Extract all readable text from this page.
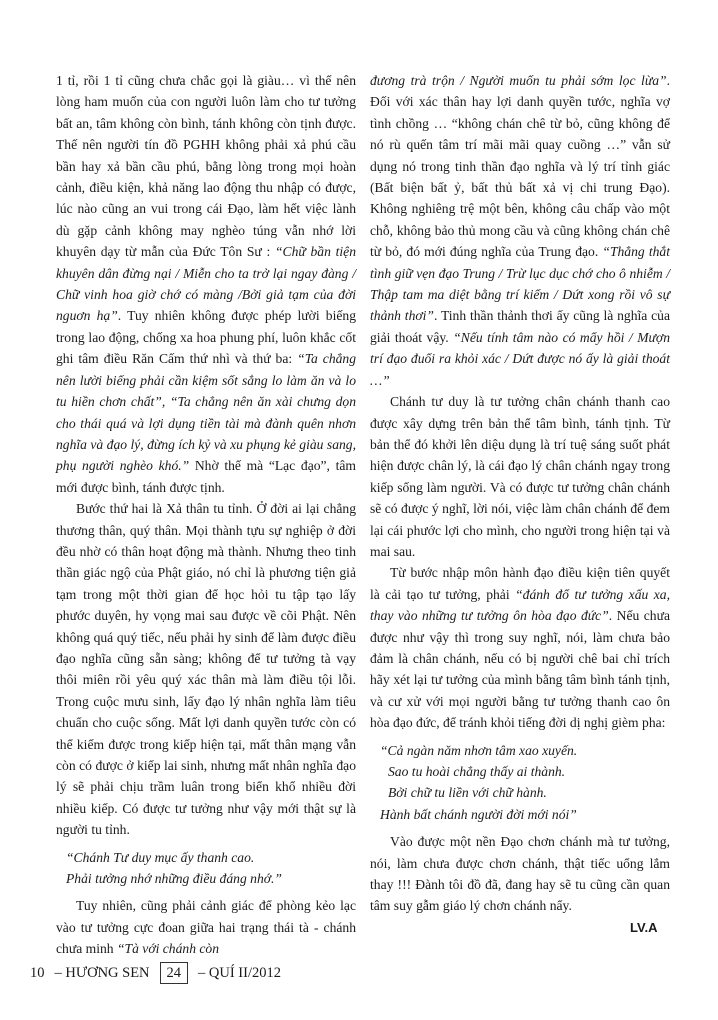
1 tỉ, rồi 1 tỉ cũng chưa chắc gọi là giàu… vì thế nên lòng ham muốn của con người luôn làm cho tư tưởng bất an, tâm không còn bình, tánh không còn tịnh được. Thế nên người tín đồ PGHH không phải xả phú cầu bần hay xả bần cầu phú, bằng lòng trong mọi hoàn cảnh, điều kiện, khả năng lao động thu nhập có được, lúc nào cũng an vui trong cái Đạo, làm hết việc lành dù gặp cảnh không may nghèo túng vẫn nhớ lời khuyên dạy từ mẫn của Đức Tôn Sư : “Chữ bần tiện khuyên dân đừng nại / Miễn cho ta trở lại ngay đàng / Chữ vinh hoa giờ chớ có màng /Bởi giả tạm của đời nguơn hạ”. Tuy nhiên không được phép lười biếng trong lao động, chống xa hoa phung phí, luôn khắc cốt ghi tâm điều Răn Cấm thứ nhì và thứ ba: “Ta chẳng nên lười biếng phải cần kiệm sốt sắng lo làm ăn và lo tu hiền chơn chất”, “Ta chẳng nên ăn xài chưng dọn cho thái quá và lợi dụng tiền tài mà đành quên nhơn nghĩa và đạo lý, đừng ích kỷ và xu phụng kẻ giàu sang, phụ người nghèo khó.” Nhờ thế mà “Lạc đạo”, tâm mới được bình, tánh được tịnh.

Bước thứ hai là Xả thân tu tỉnh. Ở đời ai lại chẳng thương thân, quý thân. Mọi thành tựu sự nghiệp ở đời đều nhờ có thân hoạt động mà thành. Nhưng theo tinh thần giác ngộ của Phật giáo, nó chỉ là phương tiện giả tạm trong một thời gian để học hỏi tu tập tạo lấy phước duyên, hy vọng mai sau được về cõi Phật. Nên không quá quý tiếc, nếu phải hy sinh để làm được điều đạo nghĩa cũng sẵn sàng; không để tư tưởng tà vạy thôi miên rồi yêu quý xác thân mà làm điều tội lỗi. Trong cuộc mưu sinh, lấy đạo lý nhân nghĩa làm tiêu chuẩn cho cuộc sống. Mất lợi danh quyền tước còn có thể kiếm được trong kiếp hiện tại, mất thân mạng vẫn còn có được ở kiếp lai sinh, nhưng mất nhân nghĩa đạo lý sẽ phải chịu trầm luân trong biển khổ nhiều đời nhiều kiếp. Có được tư tưởng như vậy mới thật sự là người tu tỉnh.

“Chánh Tư duy mục ấy thanh cao.
Phải tưởng nhớ những điều đáng nhớ.”

Tuy nhiên, cũng phải cảnh giác để phòng kẻo lạc vào tư tưởng cực đoan giữa hai trạng thái tà - chánh chưa minh “Tà với chánh còn

đương trà trộn / Người muốn tu phải sớm lọc lừa”. Đối với xác thân hay lợi danh quyền tước, nghĩa vợ tình chồng … “không chán chê từ bỏ, cũng không để nó rù quến tâm trí mãi mãi quay cuồng …” vẫn sử dụng nó trong tinh thần đạo nghĩa và lý trí tỉnh giác (Bất biện bất ỷ, bất thủ bất xả vị chi trung Đạo). Không nghiêng trệ một bên, không câu chấp vào một chỗ, không bảo thủ mong cầu và cũng không chán chê từ bỏ, đó mới đúng nghĩa của Trung đạo. “Thẳng thắt tình giữ vẹn đạo Trung / Trừ lục dục chớ cho ô nhiễm / Thập tam ma diệt bằng trí kiếm / Dứt xong rồi vô sự thảnh thơi”. Tinh thần thảnh thơi ấy cũng là nghĩa của giải thoát vậy. “Nếu tính tâm nào có mẩy hồi / Mượn trí đạo đuổi ra khỏi xác / Dứt được nó ấy là giải thoát …”

Chánh tư duy là tư tưởng chân chánh thanh cao được xây dựng trên bản thể tâm bình, tánh tịnh. Từ bản thể đó khởi lên diệu dụng là trí tuệ sáng suốt phát hiện được chân lý, là cái đạo lý chân chánh ngay trong kiếp sống làm người. Và có được tư tưởng chân chánh sẽ có được ý nghĩ, lời nói, việc làm chân chánh để đem lại cái phước lợi cho mình, cho người trong hiện tại và mai sau.

Từ bước nhập môn hành đạo điều kiện tiên quyết là cải tạo tư tưởng, phải “đánh đổ tư tưởng xấu xa, thay vào những tư tưởng ôn hòa đạo đức”. Nếu chưa được như vậy thì trong suy nghĩ, nói, làm chưa bảo đảm là chân chánh, nếu có bị người chê bai chỉ trích hãy xét lại tư tưởng của mình bằng tâm bình tánh tịnh, và cư xử với mọi người bằng tư tưởng thanh cao ôn hòa đạo đức, để tránh khỏi tiếng đời dị nghị gièm pha:

“Cả ngàn năm nhơn tâm xao xuyến.
Sao tu hoài chẳng thấy ai thành.
Bởi chữ tu liền với chữ hành.
Hành bất chánh người đời mới nói”

Vào được một nền Đạo chơn chánh mà tư tưởng, nói, làm chưa được chơn chánh, thật tiếc uổng lắm thay !!! Đành tôi đồ đã, đang hay sẽ tu cũng cần quan tâm suy gẫm giáo lý chơn chánh nẩy.

LV.A
10 – HƯƠNG SEN	24	– QUÍ II/2012
